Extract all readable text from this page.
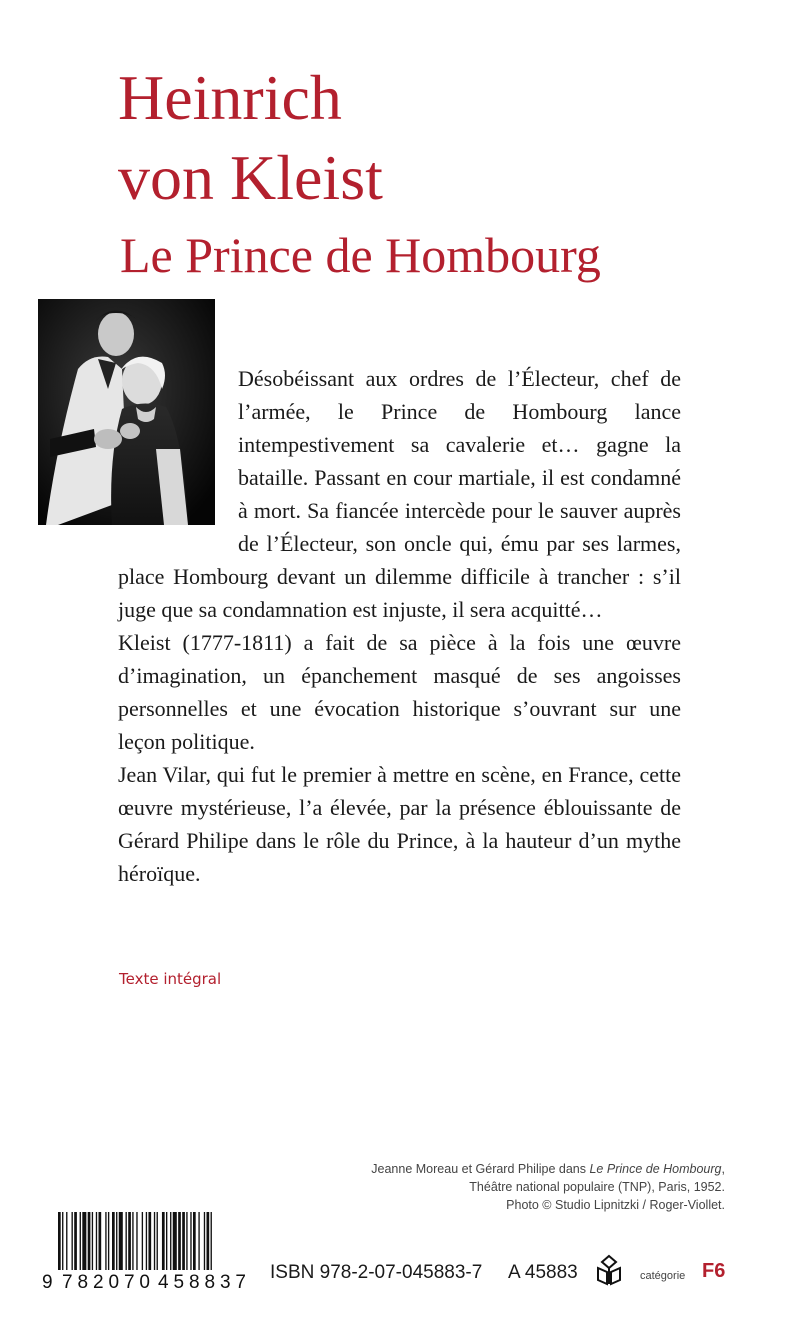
Heinrich
von Kleist
Le Prince de Hombourg

Désobéissant aux ordres de l’Électeur, chef de l’armée, le Prince de Hombourg lance intempestivement sa cavalerie et… gagne la bataille. Passant en cour martiale, il est condamné à mort. Sa fiancée intercède pour le sauver auprès de l’Électeur, son oncle qui, ému par ses larmes, place Hombourg devant un dilemme difficile à trancher : s’il juge que sa condamnation est injuste, il sera acquitté…

Kleist (1777-1811) a fait de sa pièce à la fois une œuvre d’imagination, un épanchement masqué de ses angoisses personnelles et une évocation historique s’ouvrant sur une leçon politique.

Jean Vilar, qui fut le premier à mettre en scène, en France, cette œuvre mystérieuse, l’a élevée, par la présence éblouissante de Gérard Philipe dans le rôle du Prince, à la hauteur d’un mythe héroïque.

Texte intégral
Jeanne Moreau et Gérard Philipe dans Le Prince de Hombourg,
Théâtre national populaire (TNP), Paris, 1952.
Photo © Studio Lipnitzki / Roger-Viollet.
9 782070 458837 ISBN 978-2-07-045883-7 A 45883	catégorie F6
